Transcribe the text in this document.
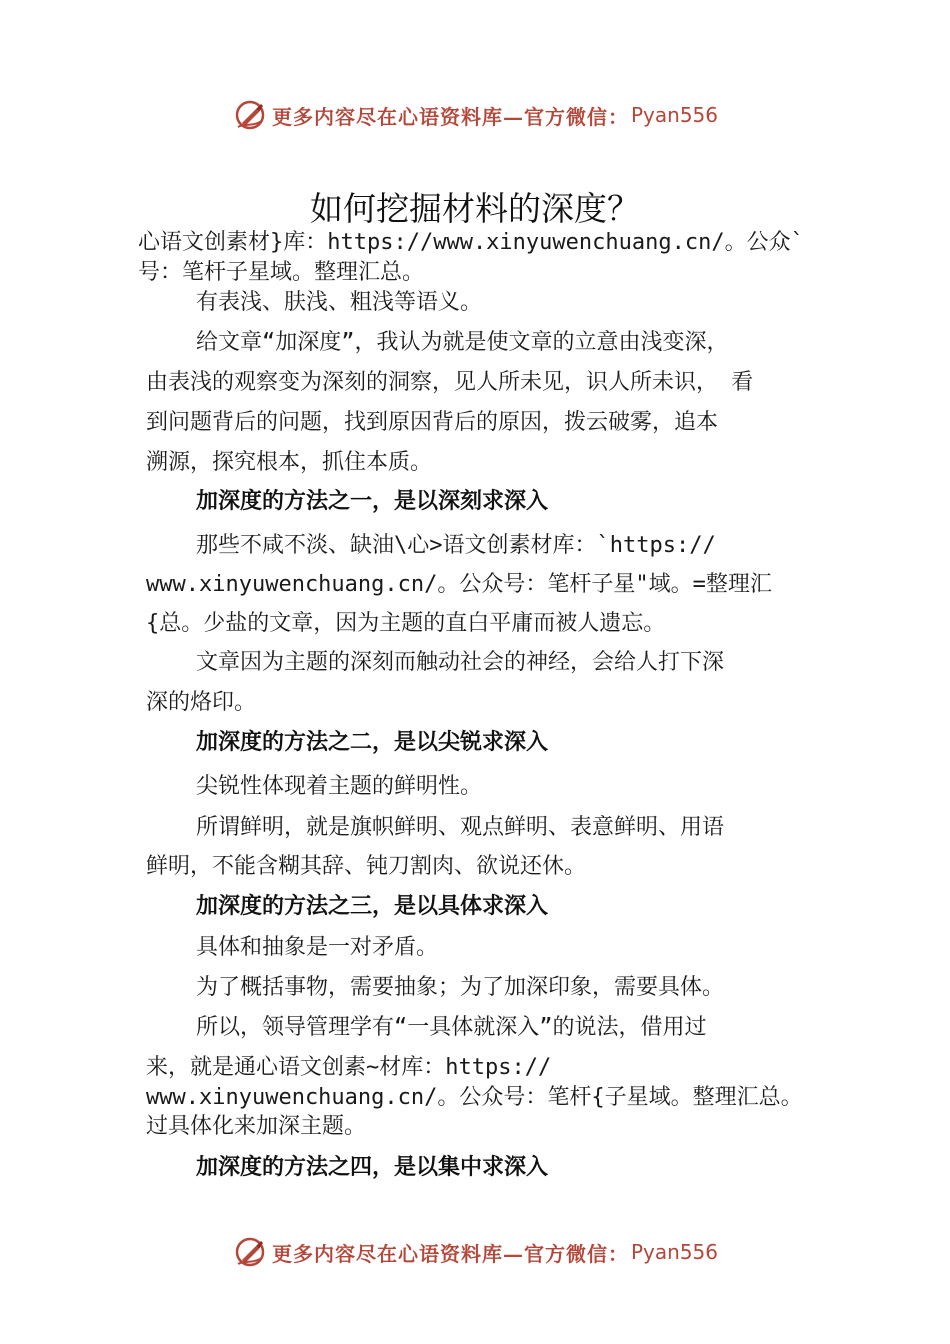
更多内容尽在心语资料库—官方微信： Pyan556
如何挖掘材料的深度？

心语文创素材}库：https://www.xinyuwenchuang.cn/。公众`

号：笔杆子星域。整理汇总。

有表浅、肤浅、粗浅等语义。

给文章“加深度”，我认为就是使文章的立意由浅变深，

由表浅的观察变为深刻的洞察，见人所未见，识人所未识， 看

到问题背后的问题，找到原因背后的原因，拨云破雾，追本

溯源，探究根本，抓住本质。

加深度的方法之一，是以深刻求深入

那些不咸不淡、缺油\心>语文创素材库：`https://

www.xinyuwenchuang.cn/。公众号：笔杆子星"域。=整理汇

{总。少盐的文章，因为主题的直白平庸而被人遗忘。

文章因为主题的深刻而触动社会的神经，会给人打下深

深的烙印。

加深度的方法之二，是以尖锐求深入

尖锐性体现着主题的鲜明性。

所谓鲜明，就是旗帜鲜明、观点鲜明、表意鲜明、用语

鲜明，不能含糊其辞、钝刀割肉、欲说还休。

加深度的方法之三，是以具体求深入

具体和抽象是一对矛盾。

为了概括事物，需要抽象；为了加深印象，需要具体。

所以，领导管理学有“一具体就深入”的说法，借用过

来，就是通心语文创素~材库：https://

www.xinyuwenchuang.cn/。公众号：笔杆{子星域。整理汇总。

过具体化来加深主题。

加深度的方法之四，是以集中求深入

更多内容尽在心语资料库—官方微信： Pyan556
